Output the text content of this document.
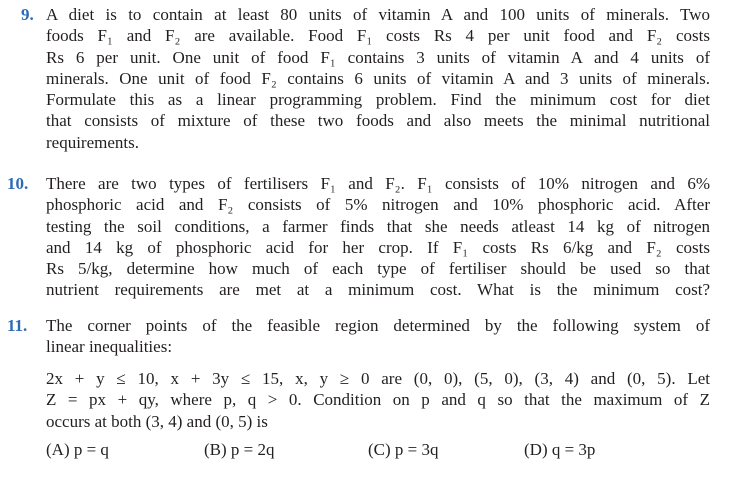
9. A diet is to contain at least 80 units of vitamin A and 100 units of minerals. Two
foods F₁ and F₂ are available. Food F₁ costs Rs 4 per unit food and F₂ costs
Rs 6 per unit. One unit of food F₁ contains 3 units of vitamin A and 4 units of
minerals. One unit of food F₂ contains 6 units of vitamin A and 3 units of minerals.
Formulate this as a linear programming problem. Find the minimum cost for diet
that consists of mixture of these two foods and also meets the minimal nutritional
requirements.
10. There are two types of fertilisers F₁ and F₂. F₁ consists of 10% nitrogen and 6%
phosphoric acid and F₂ consists of 5% nitrogen and 10% phosphoric acid. After
testing the soil conditions, a farmer finds that she needs atleast 14 kg of nitrogen
and 14 kg of phosphoric acid for her crop. If F₁ costs Rs 6/kg and F₂ costs
Rs 5/kg, determine how much of each type of fertiliser should be used so that
nutrient requirements are met at a minimum cost. What is the minimum cost?
11. The corner points of the feasible region determined by the following system of
linear inequalities:
2x + y ≤ 10, x + 3y ≤ 15, x, y ≥ 0 are (0, 0), (5, 0), (3, 4) and (0, 5). Let
Z = px + qy, where p, q > 0. Condition on p and q so that the maximum of Z
occurs at both (3, 4) and (0, 5) is
(A) p = q	(B) p = 2q	(C) p = 3q	(D) q = 3p
